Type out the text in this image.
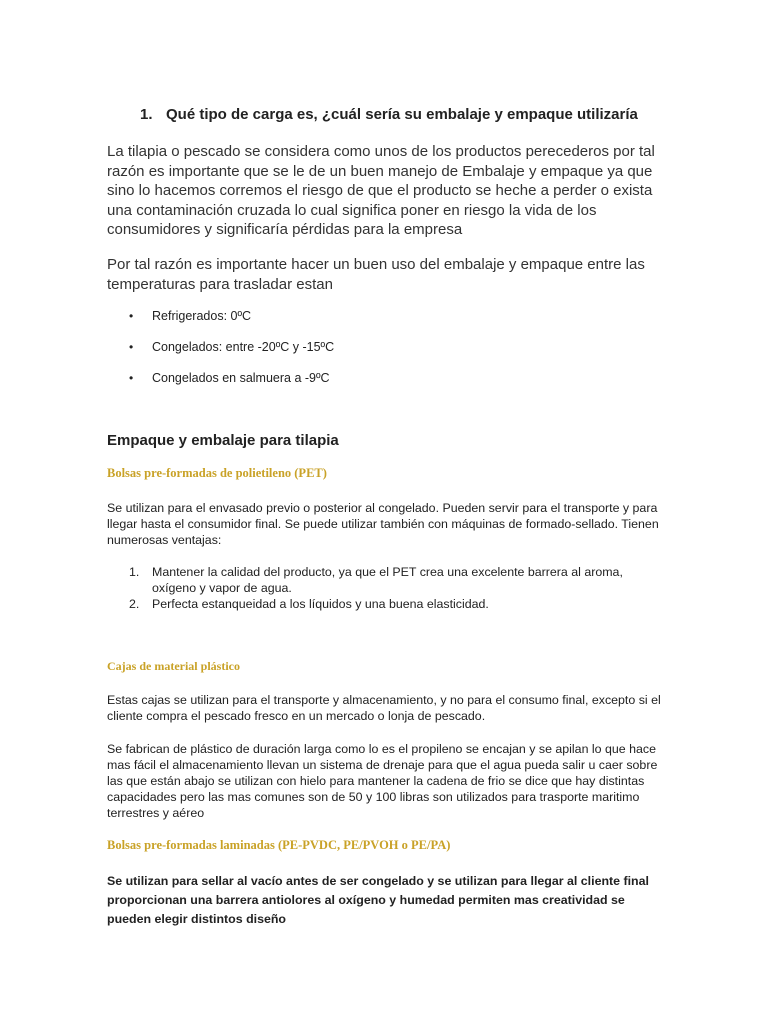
1. Qué tipo de carga es, ¿cuál sería su embalaje y empaque utilizaría
La tilapia o pescado se considera como unos de los productos perecederos por tal razón es importante que se le de un buen manejo de Embalaje y empaque ya que sino lo hacemos corremos el riesgo de que el producto se heche a perder o exista una contaminación cruzada lo cual significa poner en riesgo la vida de los consumidores y significaría pérdidas para la empresa
Por tal razón es importante hacer un buen uso del embalaje y empaque entre las temperaturas para trasladar estan
• Refrigerados: 0ºC
• Congelados: entre -20ºC y -15ºC
• Congelados en salmuera a -9ºC
Empaque y embalaje para tilapia
Bolsas pre-formadas de polietileno (PET)
Se utilizan para el envasado previo o posterior al congelado. Pueden servir para el transporte y para llegar hasta el consumidor final. Se puede utilizar también con máquinas de formado-sellado. Tienen numerosas ventajas:
1. Mantener la calidad del producto, ya que el PET crea una excelente barrera al aroma, oxígeno y vapor de agua.
2. Perfecta estanqueidad a los líquidos y una buena elasticidad.
Cajas de material plástico
Estas cajas se utilizan para el transporte y almacenamiento, y no para el consumo final, excepto si el cliente compra el pescado fresco en un mercado o lonja de pescado.
Se fabrican de plástico de duración larga como lo es el propileno se encajan y se apilan lo que hace mas fácil el almacenamiento llevan un sistema de drenaje para que el agua pueda salir u caer sobre las que están abajo se utilizan con hielo para mantener la cadena de frio se dice que hay distintas capacidades pero las mas comunes son de 50 y 100 libras son utilizados para trasporte maritimo terrestres y aéreo
Bolsas pre-formadas laminadas (PE-PVDC, PE/PVOH o PE/PA)
Se utilizan para sellar al vacío antes de ser congelado y se utilizan para llegar al cliente final proporcionan una barrera antiolores al oxígeno y humedad permiten mas creatividad se pueden elegir distintos diseño
